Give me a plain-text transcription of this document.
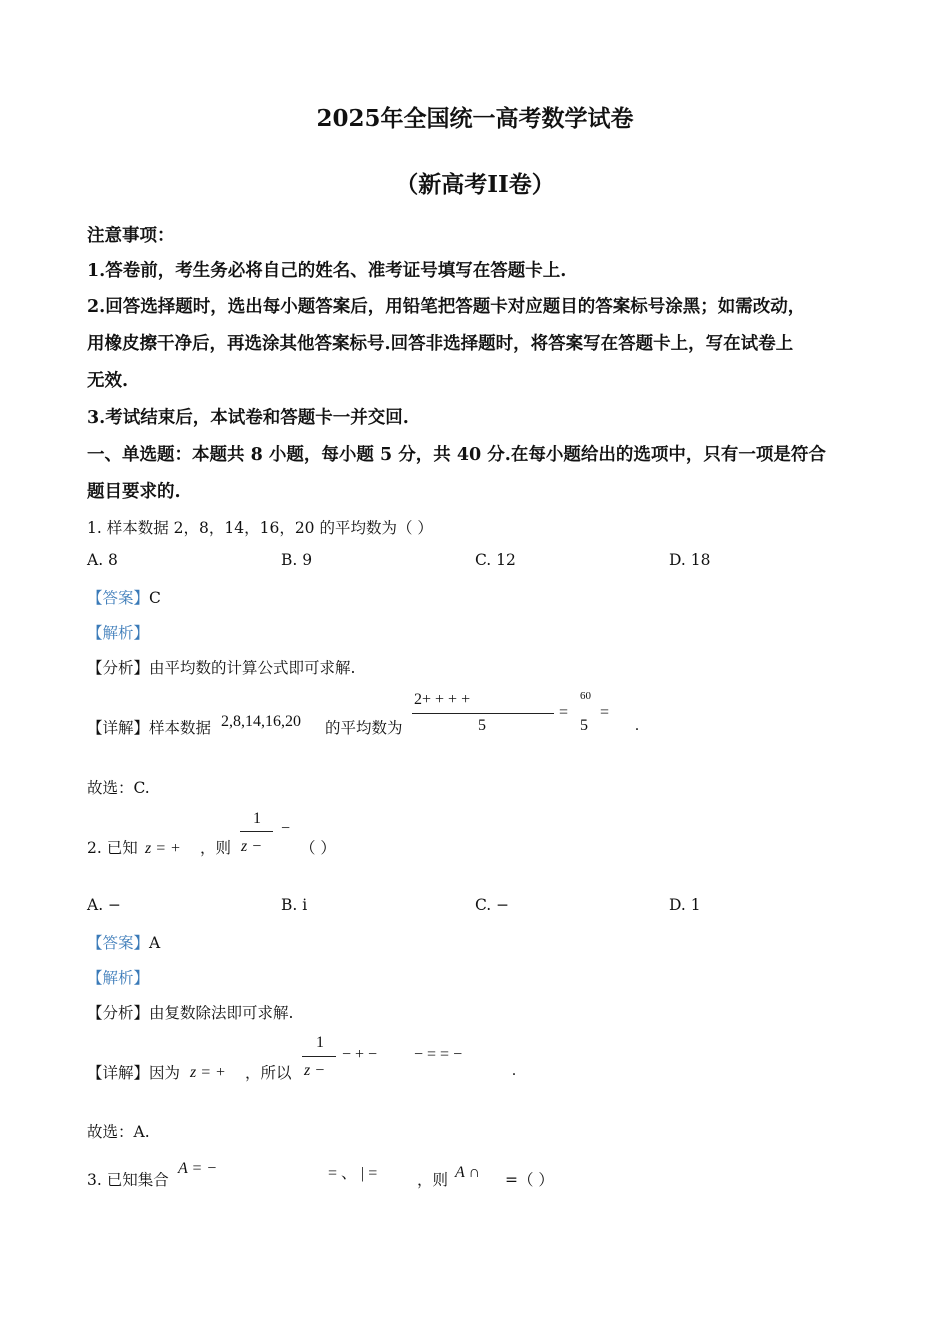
2025年全国统一高考数学试卷
（新高考II卷）
注意事项：
1.答卷前，考生务必将自己的姓名、准考证号填写在答题卡上.
2.回答选择题时，选出每小题答案后，用铅笔把答题卡对应题目的答案标号涂黑；如需改动，
用橡皮擦干净后，再选涂其他答案标号.回答非选择题时，将答案写在答题卡上，写在试卷上
无效.
3.考试结束后，本试卷和答题卡一并交回.
一、单选题：本题共 8 小题，每小题 5 分，共 40 分.在每小题给出的选项中，只有一项是符合
题目要求的.
1. 样本数据 2，8，14，16，20 的平均数为（ ）
A. 8	B. 9	C. 12	D. 18
【答案】C
【解析】
【分析】由平均数的计算公式即可求解.
【详解】样本数据 2,8,14,16,20 的平均数为
2+ + + +
5
=
60
5
=
.
故选：C.
2. 已知 z = + ，则
1
z −
−
（ ）
A. −	B. i	C. −	D. 1
【答案】A
【解析】
【分析】由复数除法即可求解.
【详解】因为 z = + ，所以
1
z −
− + − − = = −
.
故选：A.
3. 已知集合
A = −	= 、 | =	，则 A ∩ =（ ）
